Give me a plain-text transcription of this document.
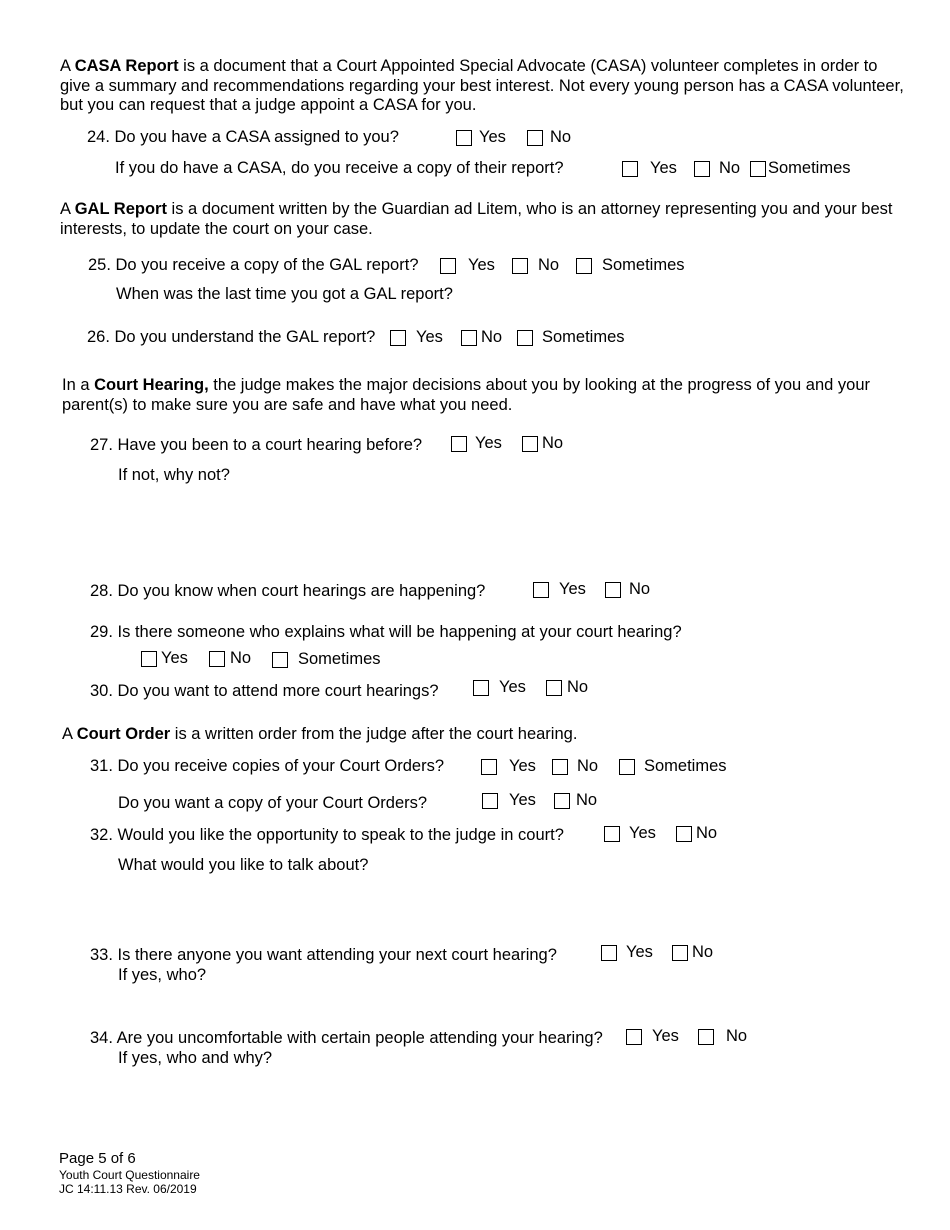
A CASA Report is a document that a Court Appointed Special Advocate (CASA) volunteer completes in order to give a summary and recommendations regarding your best interest. Not every young person has a CASA volunteer, but you can request that a judge appoint a CASA for you.
24. Do you have a CASA assigned to you?	Yes	No
If you do have a CASA, do you receive a copy of their report?	Yes	No Sometimes
A GAL Report is a document written by the Guardian ad Litem, who is an attorney representing you and your best interests, to update the court on your case.
25. Do you receive a copy of the GAL report?	Yes	No	Sometimes
When was the last time you got a GAL report?
26. Do you understand the GAL report? Yes No Sometimes
In a Court Hearing, the judge makes the major decisions about you by looking at the progress of you and your parent(s) to make sure you are safe and have what you need.
27. Have you been to a court hearing before?	Yes No
If not, why not?
28. Do you know when court hearings are happening?	Yes	No
29. Is there someone who explains what will be happening at your court hearing?
Yes	No	Sometimes
30. Do you want to attend more court hearings?	Yes No
A Court Order is a written order from the judge after the court hearing.
31. Do you receive copies of your Court Orders?	Yes No	Sometimes
Do you want a copy of your Court Orders?	Yes No
32. Would you like the opportunity to speak to the judge in court?	Yes No
What would you like to talk about?
33. Is there anyone you want attending your next court hearing?	Yes No
If yes, who?
34. Are you uncomfortable with certain people attending your hearing?	Yes	No
If yes, who and why?
Page 5 of 6
Youth Court Questionnaire
JC 14:11.13 Rev. 06/2019
